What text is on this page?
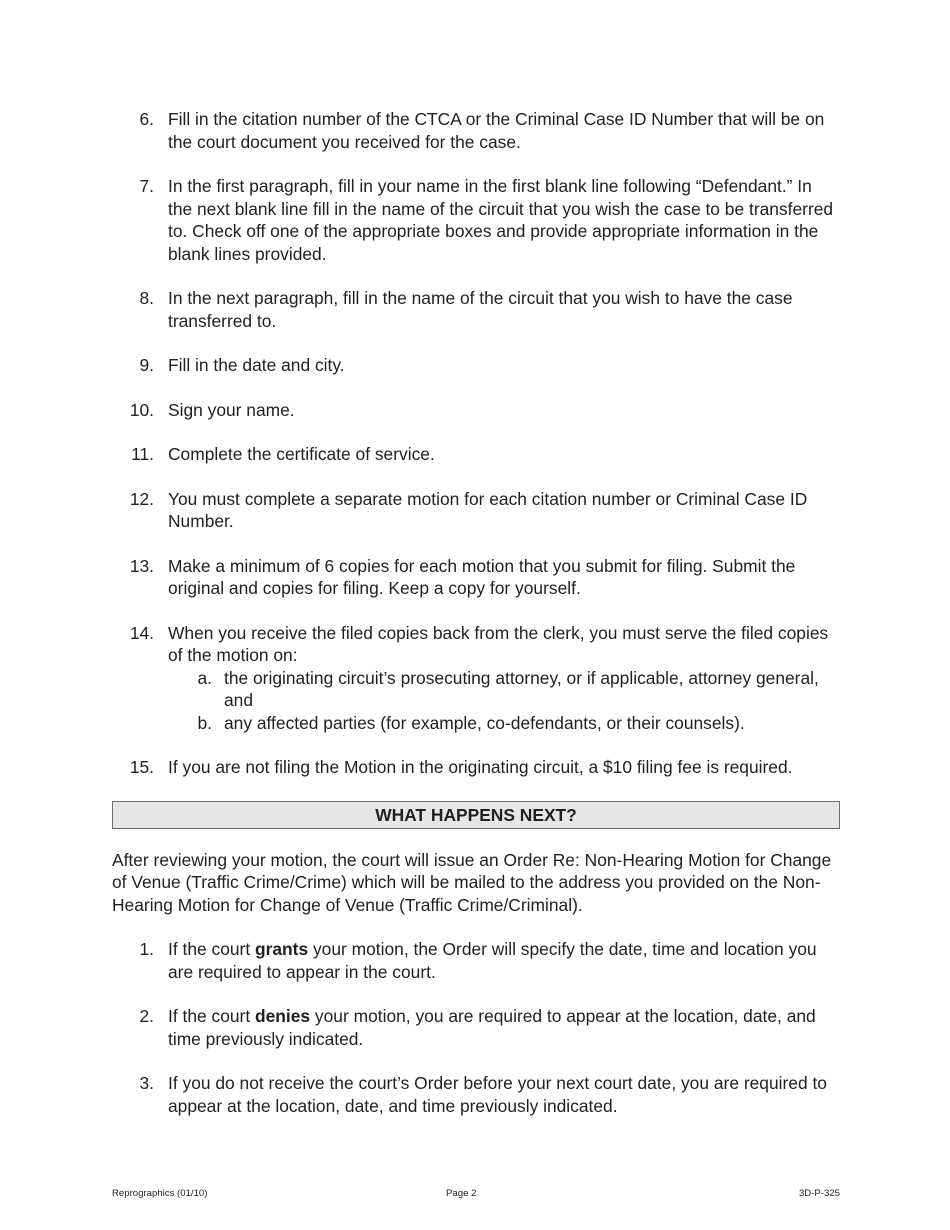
6. Fill in the citation number of the CTCA or the Criminal Case ID Number that will be on the court document you received for the case.
7. In the first paragraph, fill in your name in the first blank line following “Defendant.” In the next blank line fill in the name of the circuit that you wish the case to be transferred to. Check off one of the appropriate boxes and provide appropriate information in the blank lines provided.
8. In the next paragraph, fill in the name of the circuit that you wish to have the case transferred to.
9. Fill in the date and city.
10. Sign your name.
11. Complete the certificate of service.
12. You must complete a separate motion for each citation number or Criminal Case ID Number.
13. Make a minimum of 6 copies for each motion that you submit for filing. Submit the original and copies for filing. Keep a copy for yourself.
14. When you receive the filed copies back from the clerk, you must serve the filed copies of the motion on:
a. the originating circuit’s prosecuting attorney, or if applicable, attorney general, and
b. any affected parties (for example, co-defendants, or their counsels).
15. If you are not filing the Motion in the originating circuit, a $10 filing fee is required.
WHAT HAPPENS NEXT?

After reviewing your motion, the court will issue an Order Re: Non-Hearing Motion for Change of Venue (Traffic Crime/Crime) which will be mailed to the address you provided on the Non-Hearing Motion for Change of Venue (Traffic Crime/Criminal).

1. If the court grants your motion, the Order will specify the date, time and location you are required to appear in the court.
2. If the court denies your motion, you are required to appear at the location, date, and time previously indicated.
3. If you do not receive the court’s Order before your next court date, you are required to appear at the location, date, and time previously indicated.
Reprographics (01/10)	Page 2	3D-P-325
